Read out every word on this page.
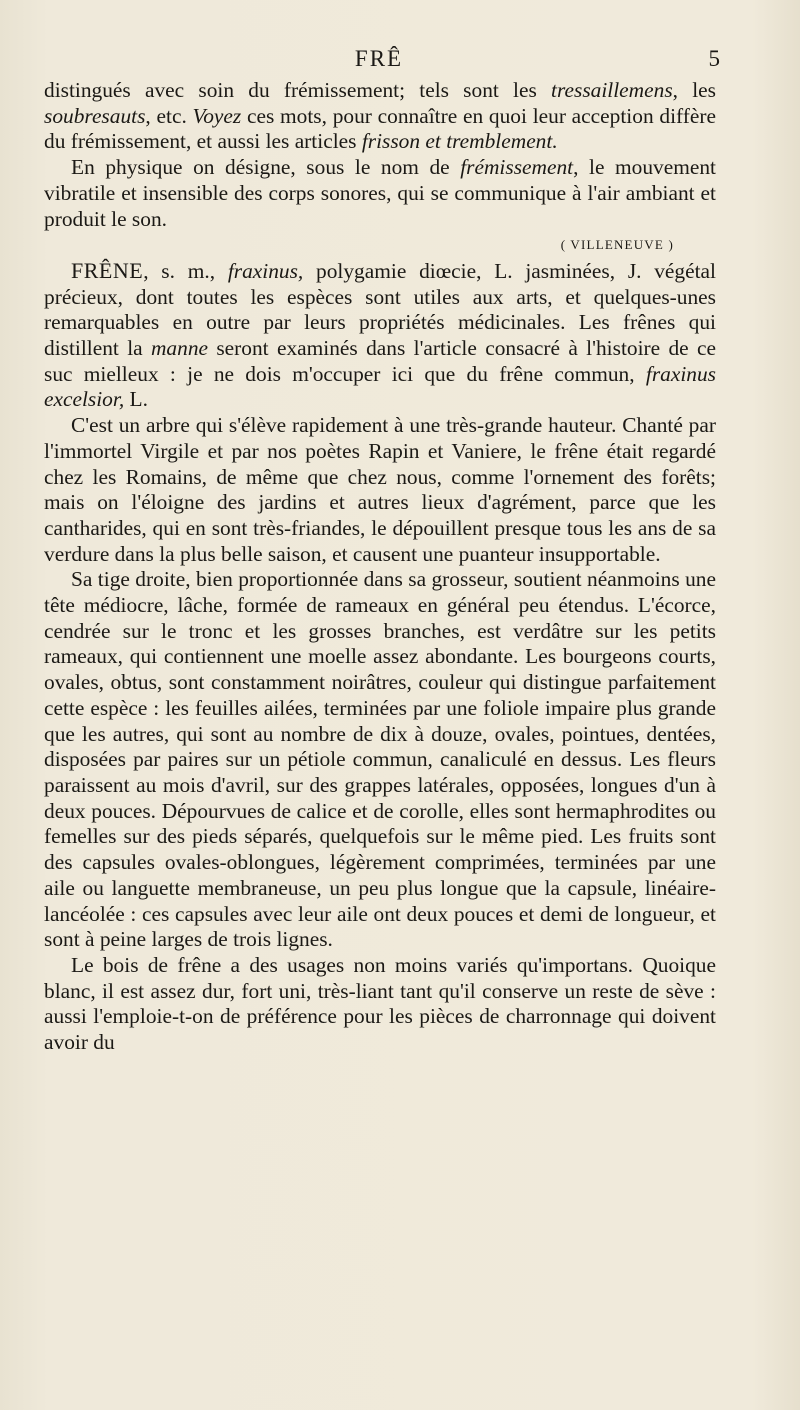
FRÊ	5

distingués avec soin du frémissement; tels sont les tressaillemens, les soubresauts, etc. Voyez ces mots, pour connaître en quoi leur acception diffère du frémissement, et aussi les articles frisson et tremblement.

En physique on désigne, sous le nom de frémissement, le mouvement vibratile et insensible des corps sonores, qui se communique à l'air ambiant et produit le son.

( VILLENEUVE )

FRÊNE, s. m., fraxinus, polygamie diœcie, L. jasminées, J. végétal précieux, dont toutes les espèces sont utiles aux arts, et quelques-unes remarquables en outre par leurs propriétés médicinales. Les frênes qui distillent la manne seront examinés dans l'article consacré à l'histoire de ce suc mielleux : je ne dois m'occuper ici que du frêne commun, fraxinus excelsior, L.

C'est un arbre qui s'élève rapidement à une très-grande hauteur. Chanté par l'immortel Virgile et par nos poètes Rapin et Vaniere, le frêne était regardé chez les Romains, de même que chez nous, comme l'ornement des forêts; mais on l'éloigne des jardins et autres lieux d'agrément, parce que les cantharides, qui en sont très-friandes, le dépouillent presque tous les ans de sa verdure dans la plus belle saison, et causent une puanteur insupportable.

Sa tige droite, bien proportionnée dans sa grosseur, soutient néanmoins une tête médiocre, lâche, formée de rameaux en général peu étendus. L'écorce, cendrée sur le tronc et les grosses branches, est verdâtre sur les petits rameaux, qui contiennent une moelle assez abondante. Les bourgeons courts, ovales, obtus, sont constamment noirâtres, couleur qui distingue parfaitement cette espèce : les feuilles ailées, terminées par une foliole impaire plus grande que les autres, qui sont au nombre de dix à douze, ovales, pointues, dentées, disposées par paires sur un pétiole commun, canaliculé en dessus. Les fleurs paraissent au mois d'avril, sur des grappes latérales, opposées, longues d'un à deux pouces. Dépourvues de calice et de corolle, elles sont hermaphrodites ou femelles sur des pieds séparés, quelquefois sur le même pied. Les fruits sont des capsules ovales-oblongues, légèrement comprimées, terminées par une aile ou languette membraneuse, un peu plus longue que la capsule, linéaire-lancéolée : ces capsules avec leur aile ont deux pouces et demi de longueur, et sont à peine larges de trois lignes.

Le bois de frêne a des usages non moins variés qu'importans. Quoique blanc, il est assez dur, fort uni, très-liant tant qu'il conserve un reste de sève : aussi l'emploie-t-on de préférence pour les pièces de charronnage qui doivent avoir du
